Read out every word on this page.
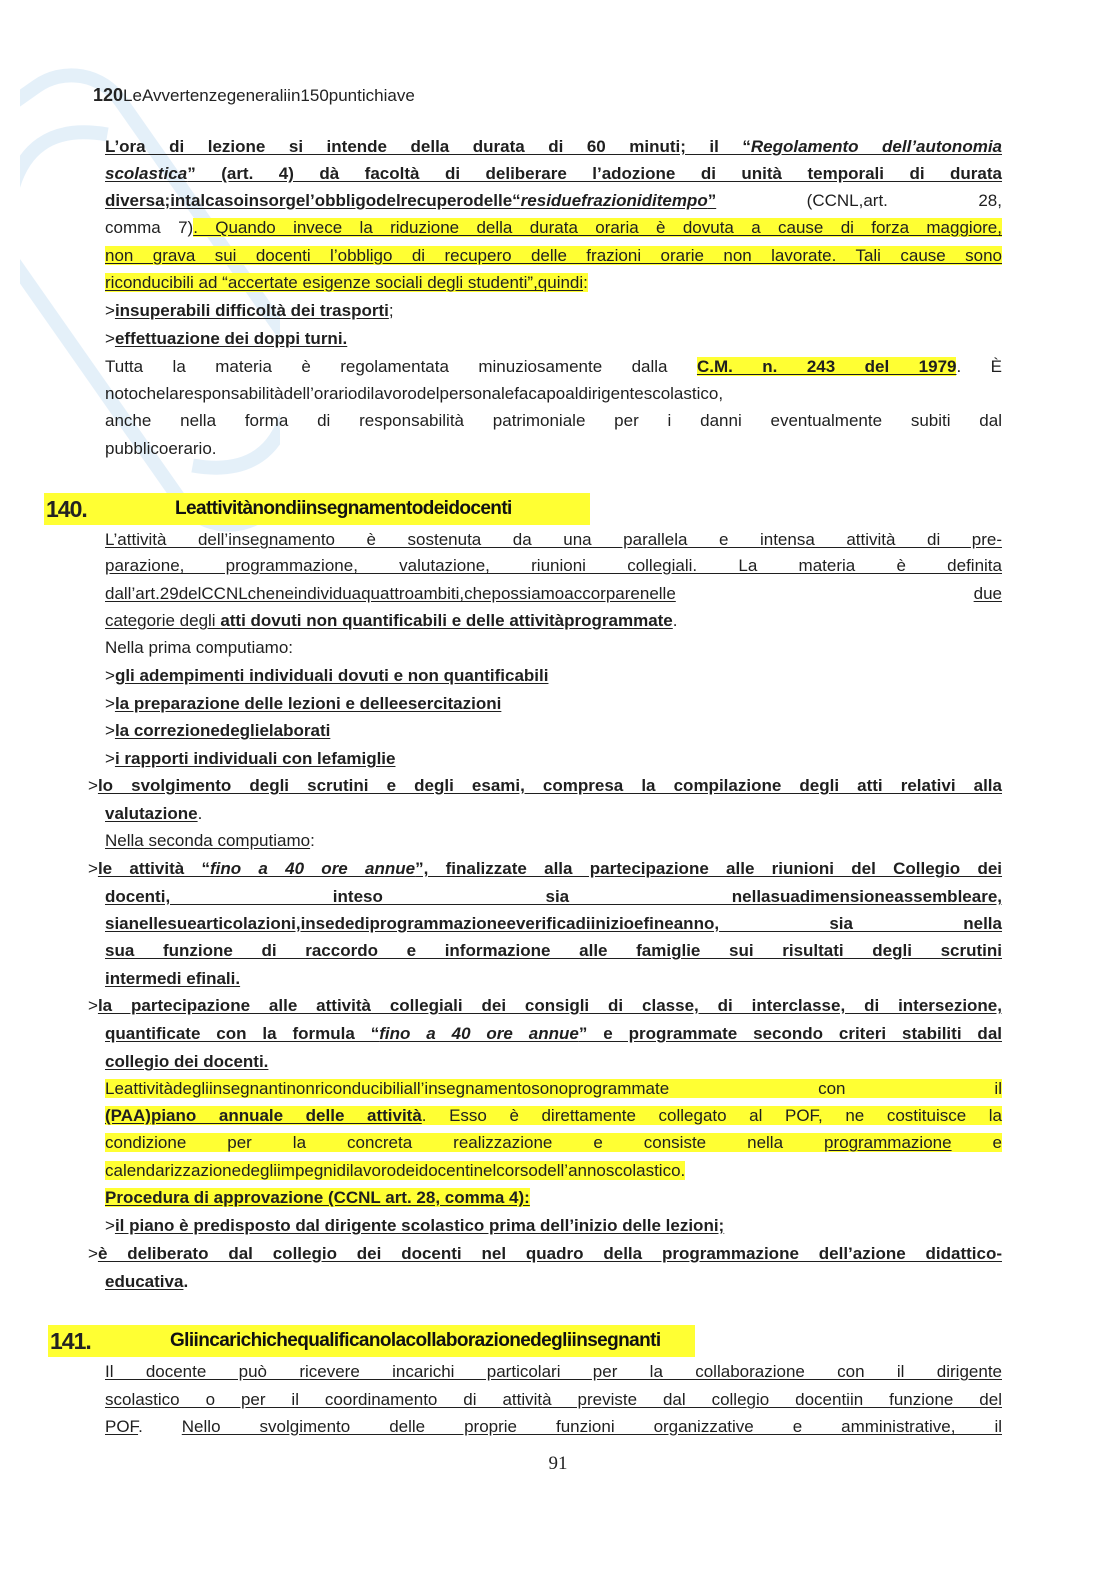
120LeAvvertenzegeneraliin150puntichiave
L’ora di lezione si intende della durata di 60 minuti; il “Regolamento dell’autonomia
scolastica” (art. 4) dà facoltà di deliberare l’adozione di unità temporali di durata
diversa;intalcasoinsorgel’obbligodelrecuperodelle“residuefrazioniditempo”	(CCNL,art.	28,
comma 7). Quando invece la riduzione della durata oraria è dovuta a cause di forza maggiore,
non grava sui docenti l’obbligo di recupero delle frazioni orarie non lavorate. Tali cause sono
riconducibili ad “accertate esigenze sociali degli studenti”,quindi:
>insuperabili difficoltà dei trasporti;
>effettuazione dei doppi turni.
Tutta la materia è regolamentata minuziosamente dalla C.M. n. 243 del 1979. È
notochelaresponsabilitàdell’orariodilavorodelpersonalefacapoaldirigentescolastico,
anche nella forma di responsabilità patrimoniale per i danni eventualmente subiti dal
pubblicoerario.
140.	Leattivitànondiinsegnamentodeidocenti
L’attività dell’insegnamento è sostenuta da una parallela e intensa attività di pre-
parazione, programmazione, valutazione, riunioni collegiali. La materia è definita
dall’art.29delCCNLcheneindividuaquattroambiti,chepossiamoaccorparenelle	due
categorie degli atti dovuti non quantificabili e delle attivitàprogrammate.
Nella prima computiamo:
>gli adempimenti individuali dovuti e non quantificabili
>la preparazione delle lezioni e delleesercitazioni
>la correzionedeglielaborati
>i rapporti individuali con lefamiglie
>lo svolgimento degli scrutini e degli esami, compresa la compilazione degli atti relativi alla
valutazione.
Nella seconda computiamo:
>le attività “fino a 40 ore annue”, finalizzate alla partecipazione alle riunioni del Collegio dei
docenti, inteso sia nellasuadimensioneassembleare,
sianellesuearticolazioni,insedediprogrammazioneeverificadiinizioefineanno, sia nella
sua funzione di raccordo e informazione alle famiglie sui risultati degli scrutini
intermedi efinali.
>la partecipazione alle attività collegiali dei consigli di classe, di interclasse, di intersezione,
quantificate con la formula “fino a 40 ore annue” e programmate secondo criteri stabiliti dal
collegio dei docenti.
Leattivitàdegliinsegnantinonriconducibiliall’insegnamentosonoprogrammate con il
(PAA)piano annuale delle attività. Esso è direttamente collegato al POF, ne costituisce la
condizione per la concreta realizzazione e consiste nella programmazione e
calendarizzazionedegliimpegnidilavorodeidocentinelcorsodell’annoscolastico.
Procedura di approvazione (CCNL art. 28, comma 4):
>il piano è predisposto dal dirigente scolastico prima dell’inizio delle lezioni;
>è deliberato dal collegio dei docenti nel quadro della programmazione dell’azione didattico-
educativa.
141.	Gliincarichichequalificanolacollaborazionedegliinsegnanti
Il docente può ricevere incarichi particolari per la collaborazione con il dirigente
scolastico o per il coordinamento di attività previste dal collegio docentiin funzione del
POF. Nello svolgimento delle proprie funzioni organizzative e amministrative, il
91
